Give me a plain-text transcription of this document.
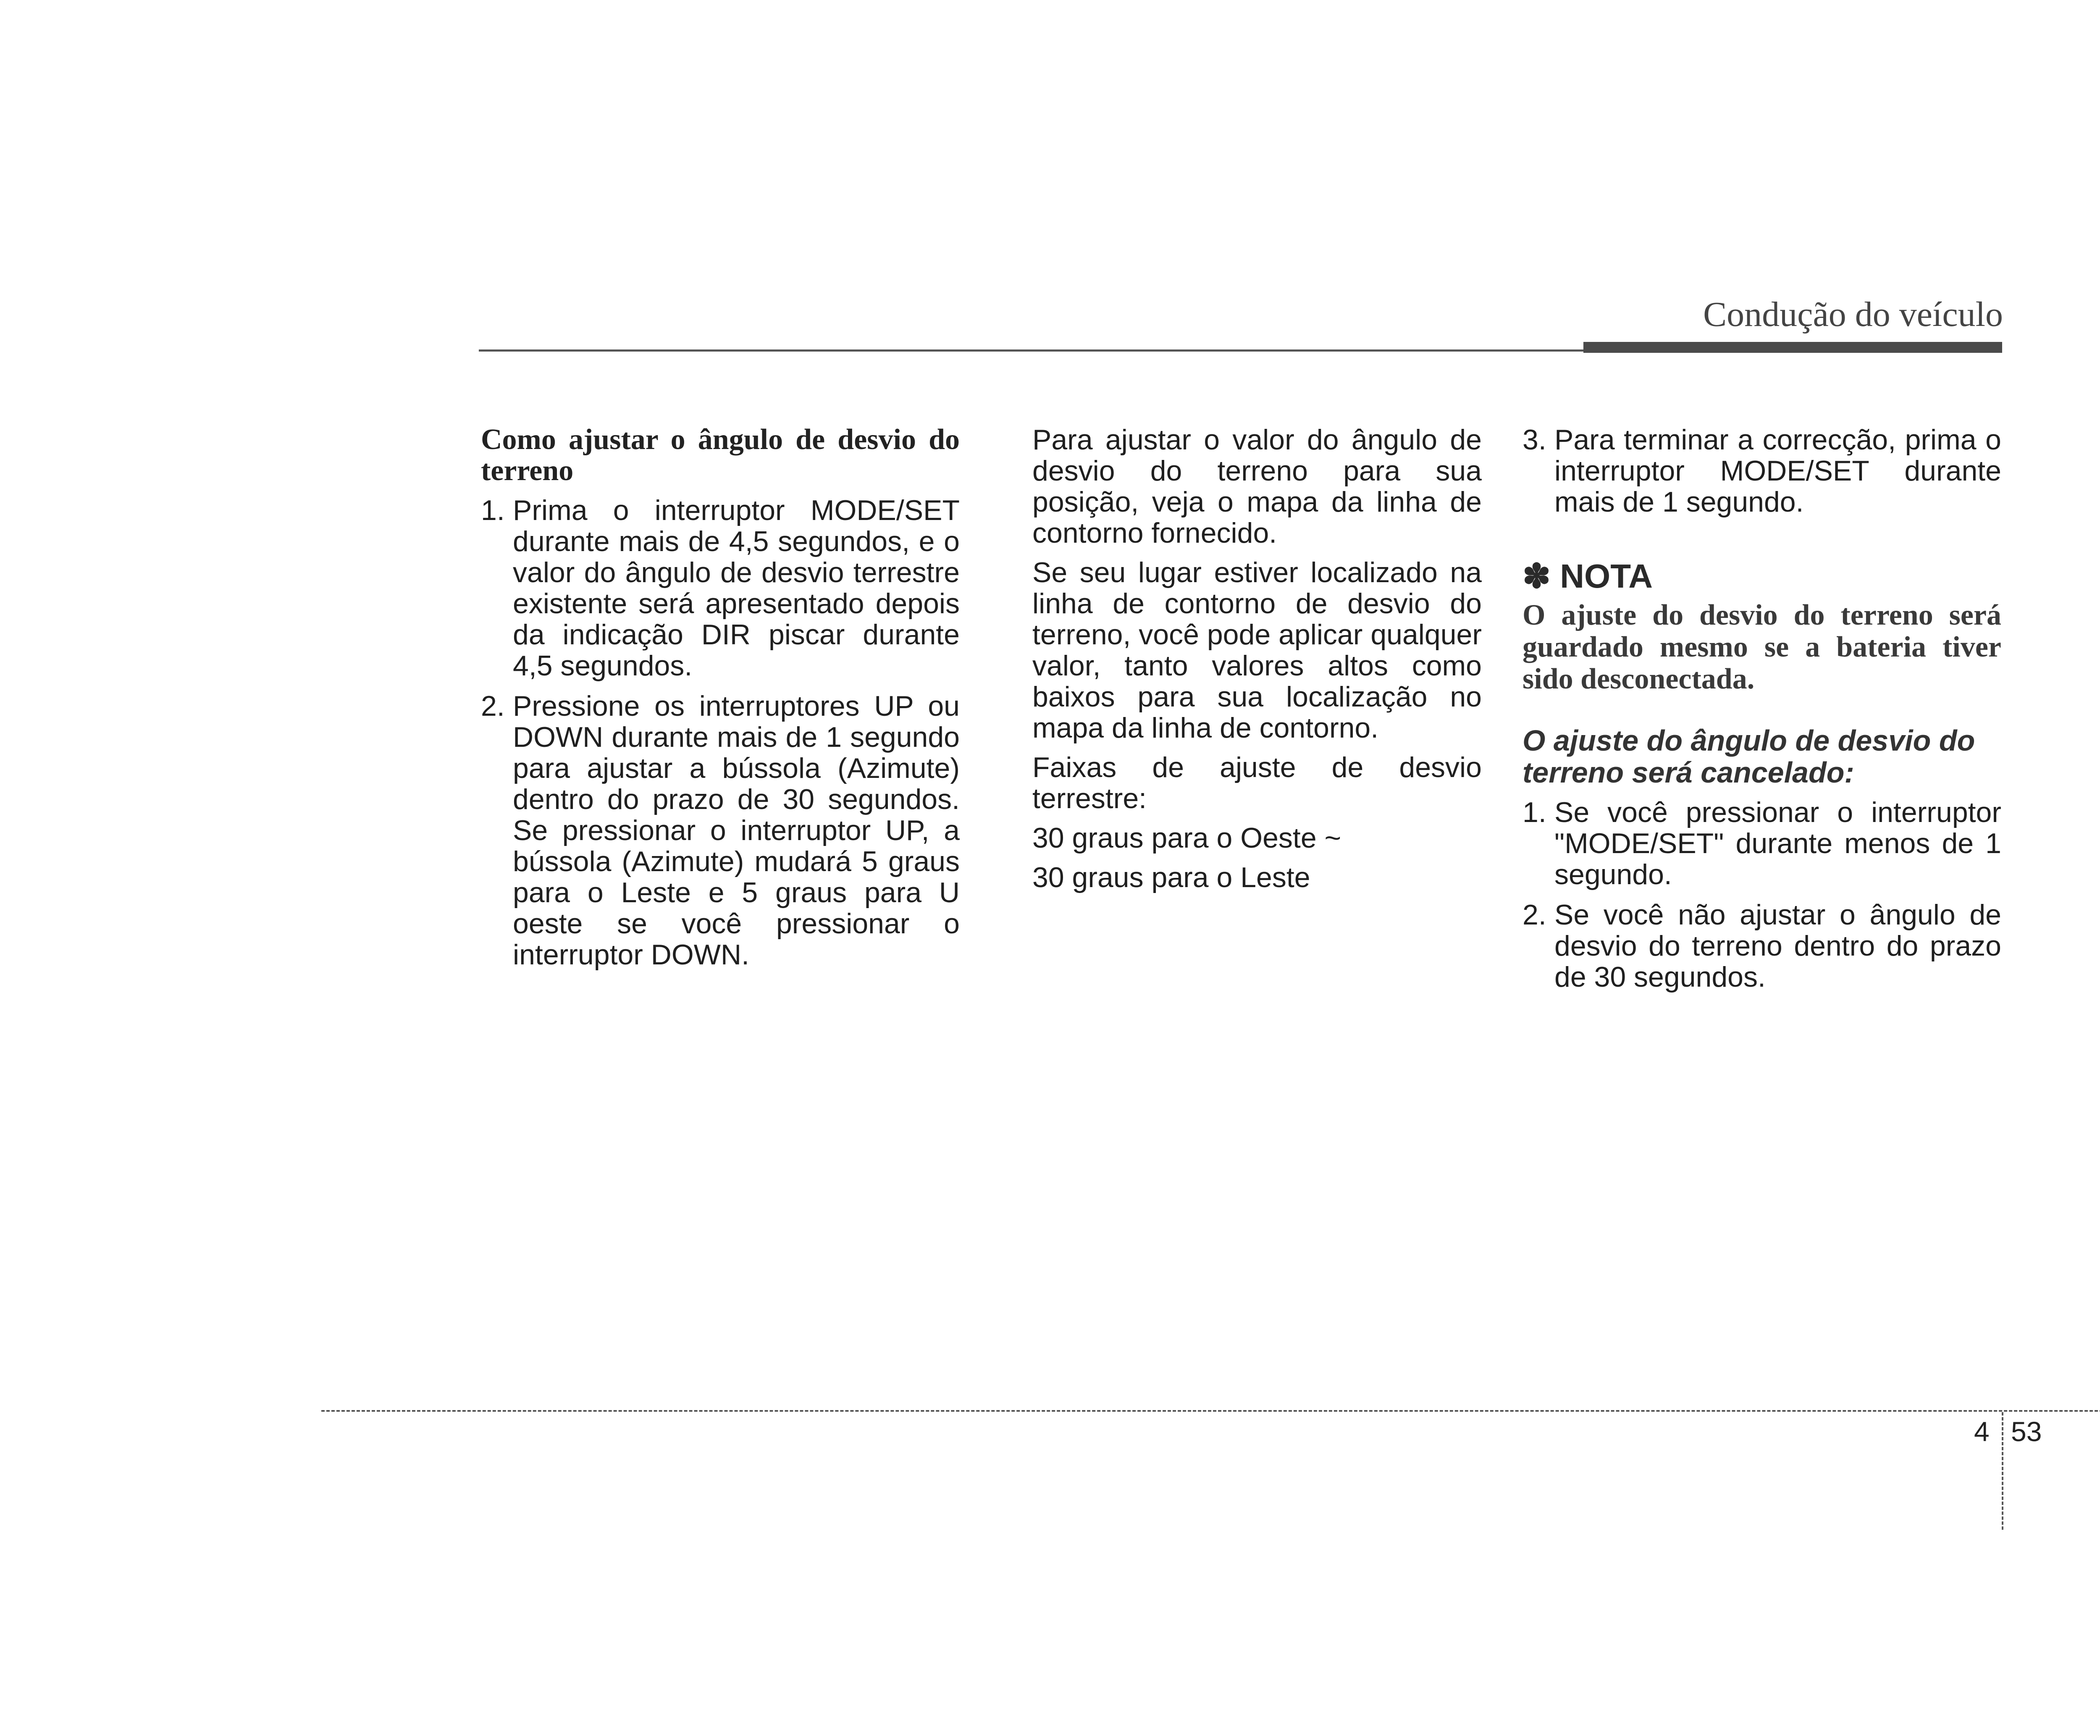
Condução do veículo
Como ajustar o ângulo de desvio do terreno
1. Prima o interruptor MODE/SET durante mais de 4,5 segundos, e o valor do ângulo de desvio terrestre existente será apresentado depois da indicação DIR piscar durante 4,5 segundos.
2. Pressione os interruptores UP ou DOWN durante mais de 1 segundo para ajustar a bússola (Azimute) dentro do prazo de 30 segundos. Se pressionar o interruptor UP, a bússola (Azimute) mudará 5 graus para o Leste e 5 graus para U oeste se você pressionar o interruptor DOWN.

Para ajustar o valor do ângulo de desvio do terreno para sua posição, veja o mapa da linha de contorno fornecido.

Se seu lugar estiver localizado na linha de contorno de desvio do terreno, você pode aplicar qualquer valor, tanto valores altos como baixos para sua localização no mapa da linha de contorno.

Faixas de ajuste de desvio terrestre:

30 graus para o Oeste ~

30 graus para o Leste

3. Para terminar a correcção, prima o interruptor MODE/SET durante mais de 1 segundo.
✽ NOTA
O ajuste do desvio do terreno será guardado mesmo se a bateria tiver sido desconectada.
O ajuste do ângulo de desvio do terreno será cancelado:
1. Se você pressionar o interruptor "MODE/SET" durante menos de 1 segundo.
2. Se você não ajustar o ângulo de desvio do terreno dentro do prazo de 30 segundos.
4 53
